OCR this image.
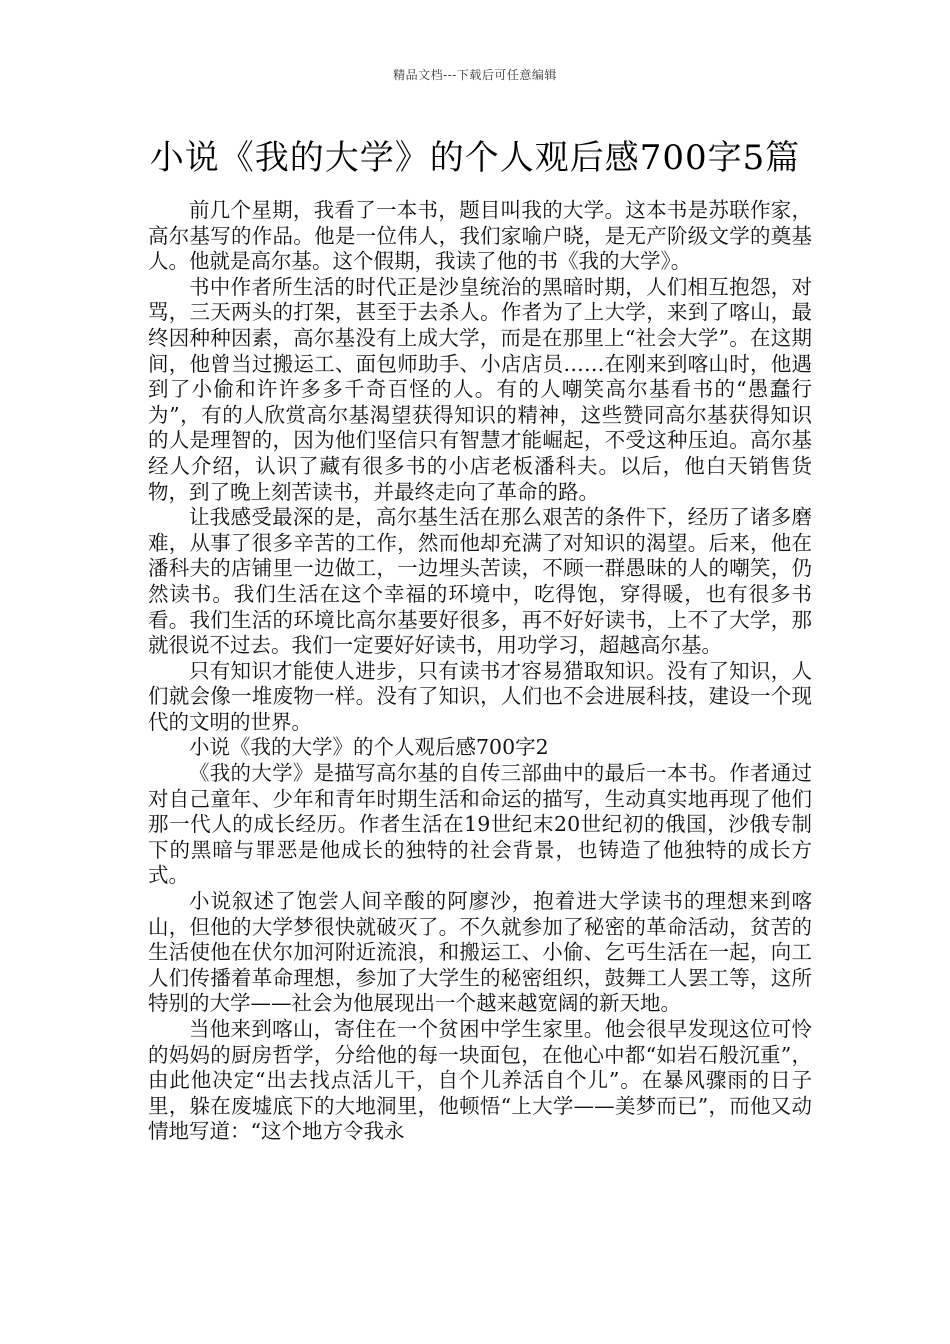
精品文档---下载后可任意编辑
小说《我的大学》的个人观后感700字5篇

前几个星期，我看了一本书，题目叫我的大学。这本书是苏联作家，高尔基写的作品。他是一位伟人，我们家喻户晓，是无产阶级文学的奠基人。他就是高尔基。这个假期，我读了他的书《我的大学》。

书中作者所生活的时代正是沙皇统治的黑暗时期，人们相互抱怨，对骂，三天两头的打架，甚至于去杀人。作者为了上大学，来到了喀山，最终因种种因素，高尔基没有上成大学，而是在那里上“社会大学”。在这期间，他曾当过搬运工、面包师助手、小店店员……在刚来到喀山时，他遇到了小偷和许许多多千奇百怪的人。有的人嘲笑高尔基看书的“愚蠢行为”，有的人欣赏高尔基渴望获得知识的精神，这些赞同高尔基获得知识的人是理智的，因为他们坚信只有智慧才能崛起，不受这种压迫。高尔基经人介绍，认识了藏有很多书的小店老板潘科夫。以后，他白天销售货物，到了晚上刻苦读书，并最终走向了革命的路。

让我感受最深的是，高尔基生活在那么艰苦的条件下，经历了诸多磨难，从事了很多辛苦的工作，然而他却充满了对知识的渴望。后来，他在潘科夫的店铺里一边做工，一边埋头苦读，不顾一群愚昧的人的嘲笑，仍然读书。我们生活在这个幸福的环境中，吃得饱，穿得暖，也有很多书看。我们生活的环境比高尔基要好很多，再不好好读书，上不了大学，那就很说不过去。我们一定要好好读书，用功学习，超越高尔基。

只有知识才能使人进步，只有读书才容易猎取知识。没有了知识，人们就会像一堆废物一样。没有了知识，人们也不会进展科技，建设一个现代的文明的世界。

小说《我的大学》的个人观后感700字2

《我的大学》是描写高尔基的自传三部曲中的最后一本书。作者通过对自己童年、少年和青年时期生活和命运的描写，生动真实地再现了他们那一代人的成长经历。作者生活在19世纪末20世纪初的俄国，沙俄专制下的黑暗与罪恶是他成长的独特的社会背景，也铸造了他独特的成长方式。

小说叙述了饱尝人间辛酸的阿廖沙，抱着进大学读书的理想来到喀山，但他的大学梦很快就破灭了。不久就参加了秘密的革命活动，贫苦的生活使他在伏尔加河附近流浪，和搬运工、小偷、乞丐生活在一起，向工人们传播着革命理想，参加了大学生的秘密组织，鼓舞工人罢工等，这所特别的大学——社会为他展现出一个越来越宽阔的新天地。

当他来到喀山，寄住在一个贫困中学生家里。他会很早发现这位可怜的妈妈的厨房哲学，分给他的每一块面包，在他心中都“如岩石般沉重”，由此他决定“出去找点活儿干，自个儿养活自个儿”。在暴风骤雨的日子里，躲在废墟底下的大地洞里，他顿悟“上大学——美梦而已”，而他又动情地写道：“这个地方令我永
